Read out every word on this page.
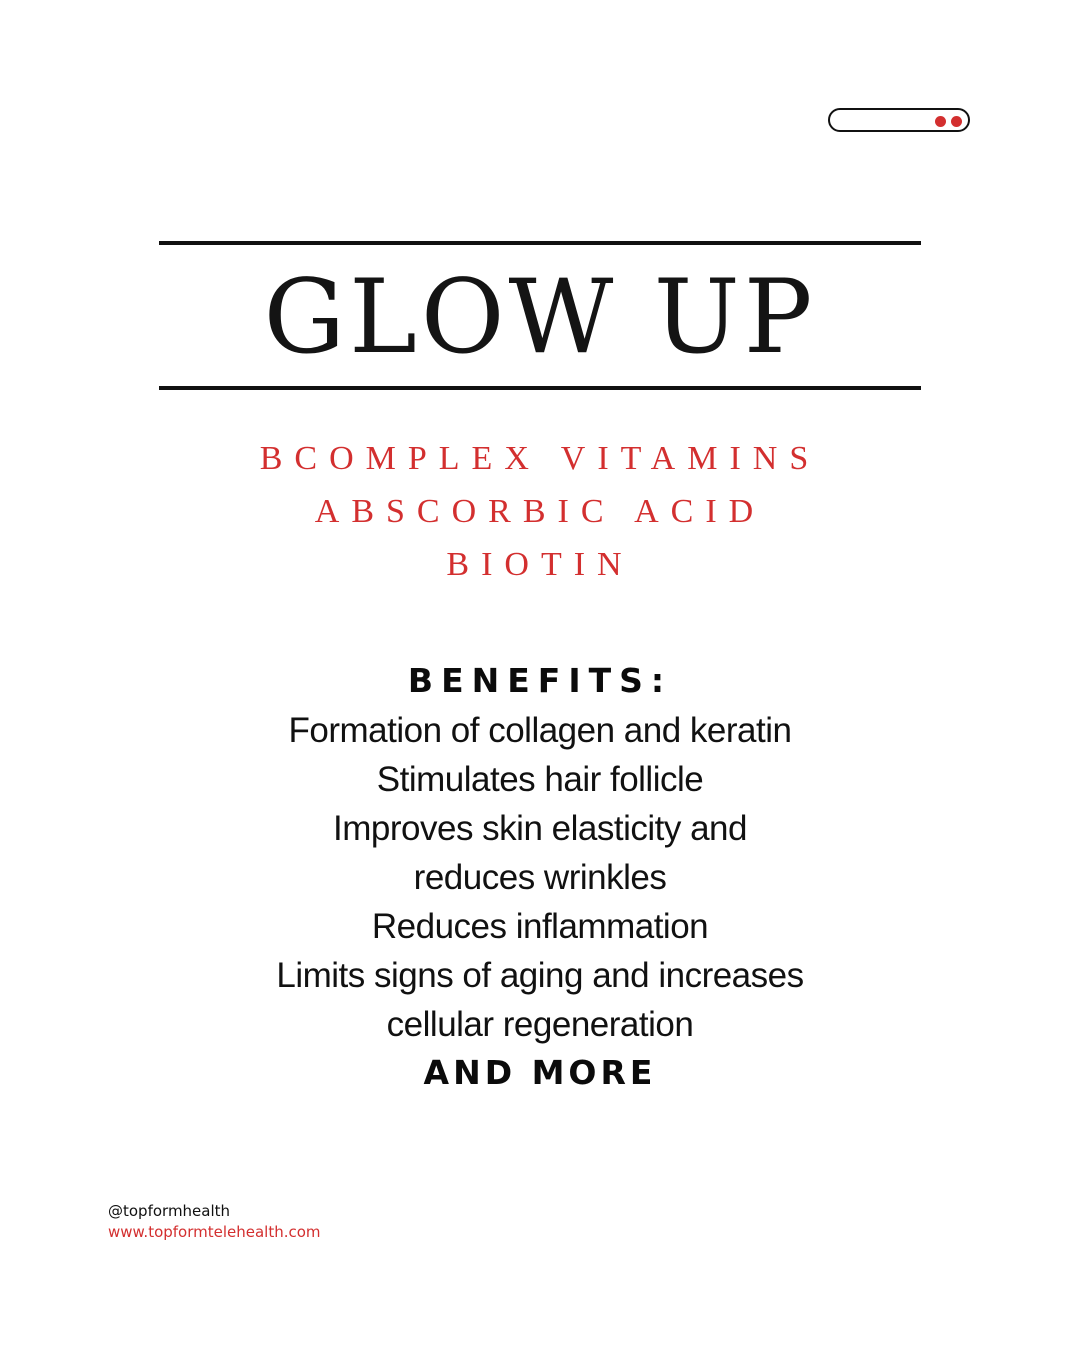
GLOW UP
BCOMPLEX VITAMINS
ABSCORBIC ACID
BIOTIN
BENEFITS:
Formation of collagen and keratin
Stimulates hair follicle
Improves skin elasticity and
reduces wrinkles
Reduces inflammation
Limits signs of aging and increases
cellular regeneration

AND MORE

@topformhealth
www.topformtelehealth.com
